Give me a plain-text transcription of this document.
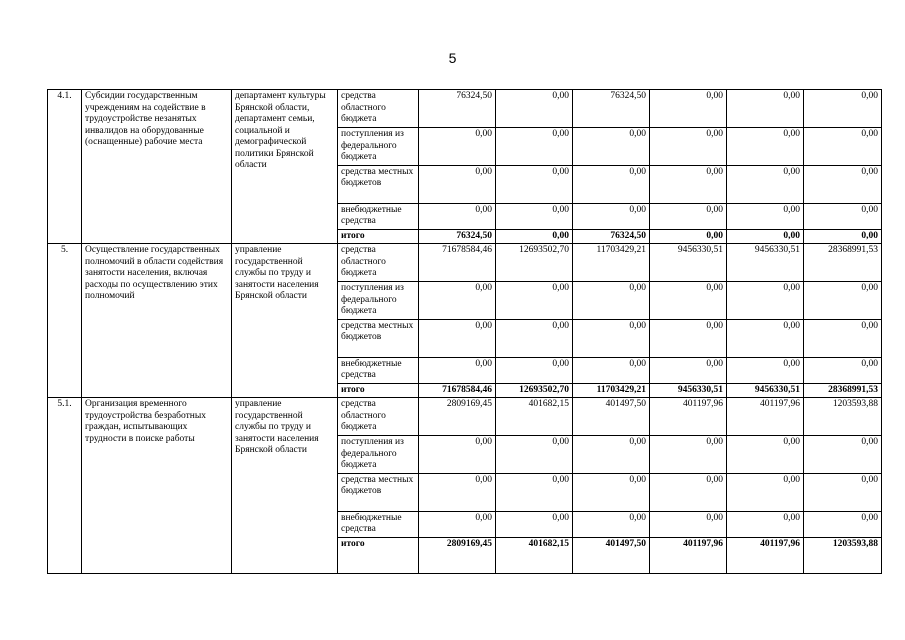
5
4.1.	Субсидии государственным учреждениям на содействие в трудоустройстве незанятых инвалидов на оборудованные (оснащенные) рабочие места	департамент культуры Брянской области, департамент семьи, социальной и демографической политики Брянской области	средства областного бюджета	76324,50	0,00	76324,50	0,00	0,00	0,00
			поступления из федерального бюджета	0,00	0,00	0,00	0,00	0,00	0,00
			средства местных бюджетов	0,00	0,00	0,00	0,00	0,00	0,00
			внебюджетные средства	0,00	0,00	0,00	0,00	0,00	0,00
			итого	76324,50	0,00	76324,50	0,00	0,00	0,00
5.	Осуществление государственных полномочий в области содействия занятости населения, включая расходы по осуществлению этих полномочий	управление государственной службы по труду и занятости населения Брянской области	средства областного бюджета	71678584,46	12693502,70	11703429,21	9456330,51	9456330,51	28368991,53
			поступления из федерального бюджета	0,00	0,00	0,00	0,00	0,00	0,00
			средства местных бюджетов	0,00	0,00	0,00	0,00	0,00	0,00
			внебюджетные средства	0,00	0,00	0,00	0,00	0,00	0,00
			итого	71678584,46	12693502,70	11703429,21	9456330,51	9456330,51	28368991,53
5.1.	Организация временного трудоустройства безработных граждан, испытывающих трудности в поиске работы	управление государственной службы по труду и занятости населения Брянской области	средства областного бюджета	2809169,45	401682,15	401497,50	401197,96	401197,96	1203593,88
			поступления из федерального бюджета	0,00	0,00	0,00	0,00	0,00	0,00
			средства местных бюджетов	0,00	0,00	0,00	0,00	0,00	0,00
			внебюджетные средства	0,00	0,00	0,00	0,00	0,00	0,00
			итого	2809169,45	401682,15	401497,50	401197,96	401197,96	1203593,88
